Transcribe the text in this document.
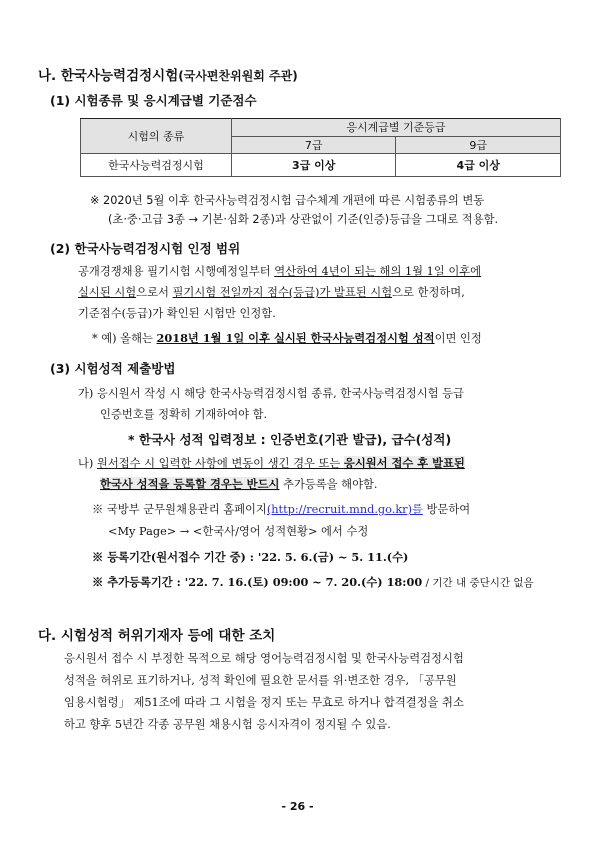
나. 한국사능력검정시험(국사편찬위원회 주관)
(1) 시험종류 및 응시계급별 기준점수
시험의 종류	응시계급별 기준등급	
	7급	9급
한국사능력검정시험	3급 이상	4급 이상
※ 2020년 5월 이후 한국사능력검정시험 급수체계 개편에 따른 시험종류의 변동
(초·중·고급 3종 → 기본·심화 2종)과 상관없이 기준(인증)등급을 그대로 적용함.
(2) 한국사능력검정시험 인정 범위
공개경쟁채용 필기시험 시행예정일부터 역산하여 4년이 되는 해의 1월 1일 이후에
실시된 시험으로서 필기시험 전일까지 점수(등급)가 발표된 시험으로 한정하며,
기준점수(등급)가 확인된 시험만 인정함.
* 예) 올해는 2018년 1월 1일 이후 실시된 한국사능력검정시험 성적이면 인정
(3) 시험성적 제출방법
가) 응시원서 작성 시 해당 한국사능력검정시험 종류, 한국사능력검정시험 등급
인증번호를 정확히 기재하여야 함.
* 한국사 성적 입력정보 : 인증번호(기관 발급), 급수(성적)
나) 원서접수 시 입력한 사항에 변동이 생긴 경우 또는 응시원서 접수 후 발표된
한국사 성적을 등록할 경우는 반드시 추가등록을 해야함.
※ 국방부 군무원채용관리 홈페이지(http://recruit.mnd.go.kr)를 방문하여
<My Page> → <한국사/영어 성적현황> 에서 수정
※ 등록기간(원서접수 기간 중) : '22. 5. 6.(금) ~ 5. 11.(수)
※ 추가등록기간 : '22. 7. 16.(토) 09:00 ~ 7. 20.(수) 18:00 / 기간 내 중단시간 없음
다. 시험성적 허위기재자 등에 대한 조치
응시원서 접수 시 부정한 목적으로 해당 영어능력검정시험 및 한국사능력검정시험
성적을 허위로 표기하거나, 성적 확인에 필요한 문서를 위·변조한 경우, 「공무원
임용시험령」 제51조에 따라 그 시험을 정지 또는 무효로 하거나 합격결정을 취소
하고 향후 5년간 각종 공무원 채용시험 응시자격이 정지될 수 있음.
- 26 -
